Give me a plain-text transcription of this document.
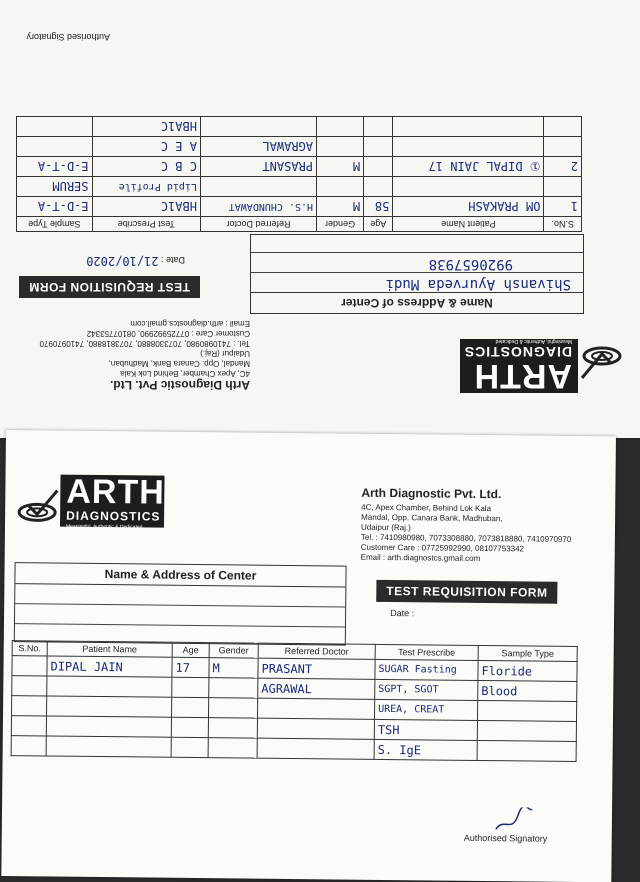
ARTH
DIAGNOSTICS
Meaningful, Authentic & Dedicated
Arth Diagnostic Pvt. Ltd.
4C, Apex Chamber, Behind Lok Kala
Mandal, Opp. Canara Bank, Madhuban,
Udaipur (Raj.)
Tel. : 7410980980, 7073308880, 7073818880, 7410970970
Customer Care : 07725992990, 08107753342
Email : arth.diagnostcs.gmail.com
Name & Address of Center
Shivansh Ayurveda Mudi
9920657938
TEST REQUISITION FORM
Date : 21/10/2020
S.No.	Patient Name	Age	Gender	Referred Doctor	Test Prescribe	Sample Type
1	OM PRAKASH	58	M	H.S. CHUNDAWAT	HBA1C	E-D-T-A
					Lipid Profile	SERUM
2	① DIPAL JAIN 17		M	PRASANT	C B C	E-D-T-A
				AGRAWAL	A E C	
					HBA1C	
Authorised Signatory
ARTH
DIAGNOSTICS
Meaningful, Authentic & Dedicated
Arth Diagnostic Pvt. Ltd.
4C, Apex Chamber, Behind Lok Kala
Mandal, Opp. Canara Bank, Madhuban,
Udaipur (Raj.)
Tel. : 7410980980, 7073308880, 7073818880, 7410970970
Customer Care : 07725992990, 08107753342
Email : arth.diagnostcs.gmail.com
Name & Address of Center
TEST REQUISITION FORM
Date :
S.No.	Patient Name	Age	Gender	Referred Doctor	Test Prescribe	Sample Type
	DIPAL JAIN	17	M	PRASANT	SUGAR Fasting	Floride
				AGRAWAL	SGPT, SGOT	Blood
					UREA, CREAT	
					TSH	
					S. IgE	
Authorised Signatory
